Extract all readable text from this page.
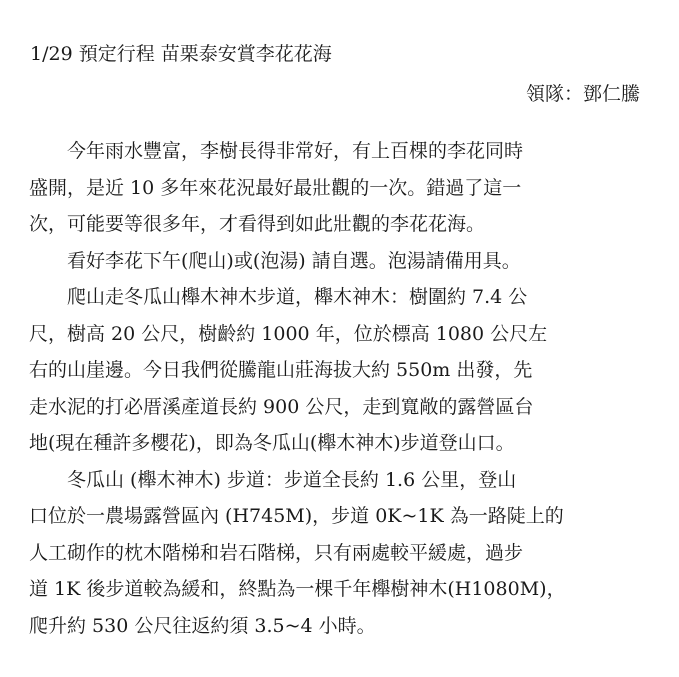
1/29 預定行程 苗栗泰安賞李花花海
領隊：鄧仁騰
今年雨水豐富，李樹長得非常好，有上百棵的李花同時
盛開，是近 10 多年來花況最好最壯觀的一次。錯過了這一
次，可能要等很多年，才看得到如此壯觀的李花花海。
看好李花下午(爬山)或(泡湯) 請自選。泡湯請備用具。
爬山走冬瓜山櫸木神木步道，櫸木神木：樹圍約 7.4 公
尺，樹高 20 公尺，樹齡約 1000 年，位於標高 1080 公尺左
右的山崖邊。今日我們從騰龍山莊海拔大約 550m 出發，先
走水泥的打必厝溪產道長約 900 公尺，走到寬敞的露營區台
地(現在種許多櫻花)，即為冬瓜山(櫸木神木)步道登山口。
冬瓜山 (櫸木神木) 步道：步道全長約 1.6 公里，登山
口位於一農場露營區內 (H745M)，步道 0K~1K 為一路陡上的
人工砌作的枕木階梯和岩石階梯，只有兩處較平緩處，過步
道 1K 後步道較為緩和，終點為一棵千年櫸樹神木(H1080M)，
爬升約 530 公尺往返約須 3.5~4 小時。
